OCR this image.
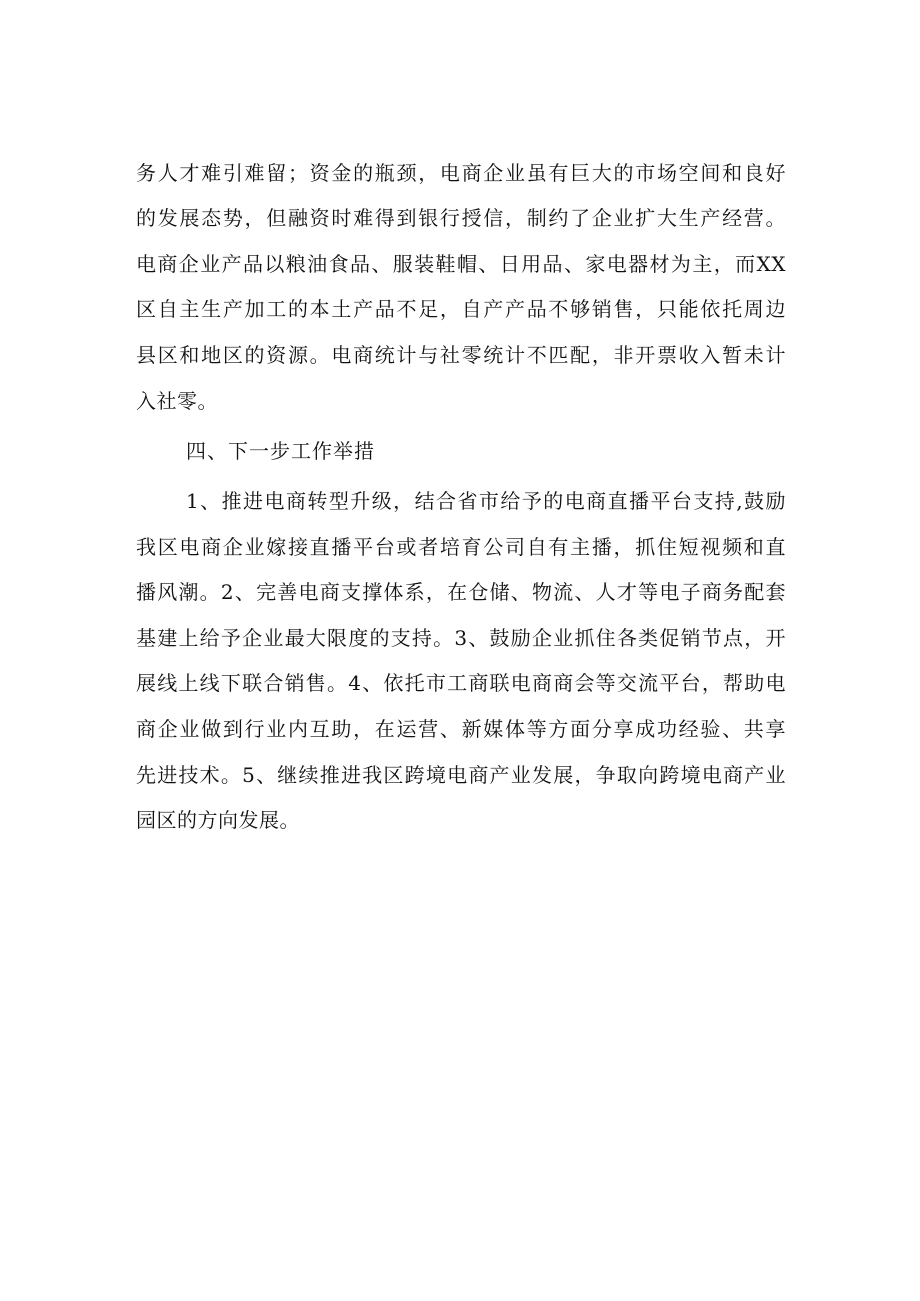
务人才难引难留；资金的瓶颈，电商企业虽有巨大的市场空间和良好
的发展态势，但融资时难得到银行授信，制约了企业扩大生产经营。
电商企业产品以粮油食品、服装鞋帽、日用品、家电器材为主，而XX
区自主生产加工的本土产品不足，自产产品不够销售，只能依托周边
县区和地区的资源。电商统计与社零统计不匹配，非开票收入暂未计
入社零。
四、下一步工作举措
1、推进电商转型升级，结合省市给予的电商直播平台支持,鼓励
我区电商企业嫁接直播平台或者培育公司自有主播，抓住短视频和直
播风潮。2、完善电商支撑体系，在仓储、物流、人才等电子商务配套
基建上给予企业最大限度的支持。3、鼓励企业抓住各类促销节点，开
展线上线下联合销售。4、依托市工商联电商商会等交流平台，帮助电
商企业做到行业内互助，在运营、新媒体等方面分享成功经验、共享
先进技术。5、继续推进我区跨境电商产业发展，争取向跨境电商产业
园区的方向发展。
